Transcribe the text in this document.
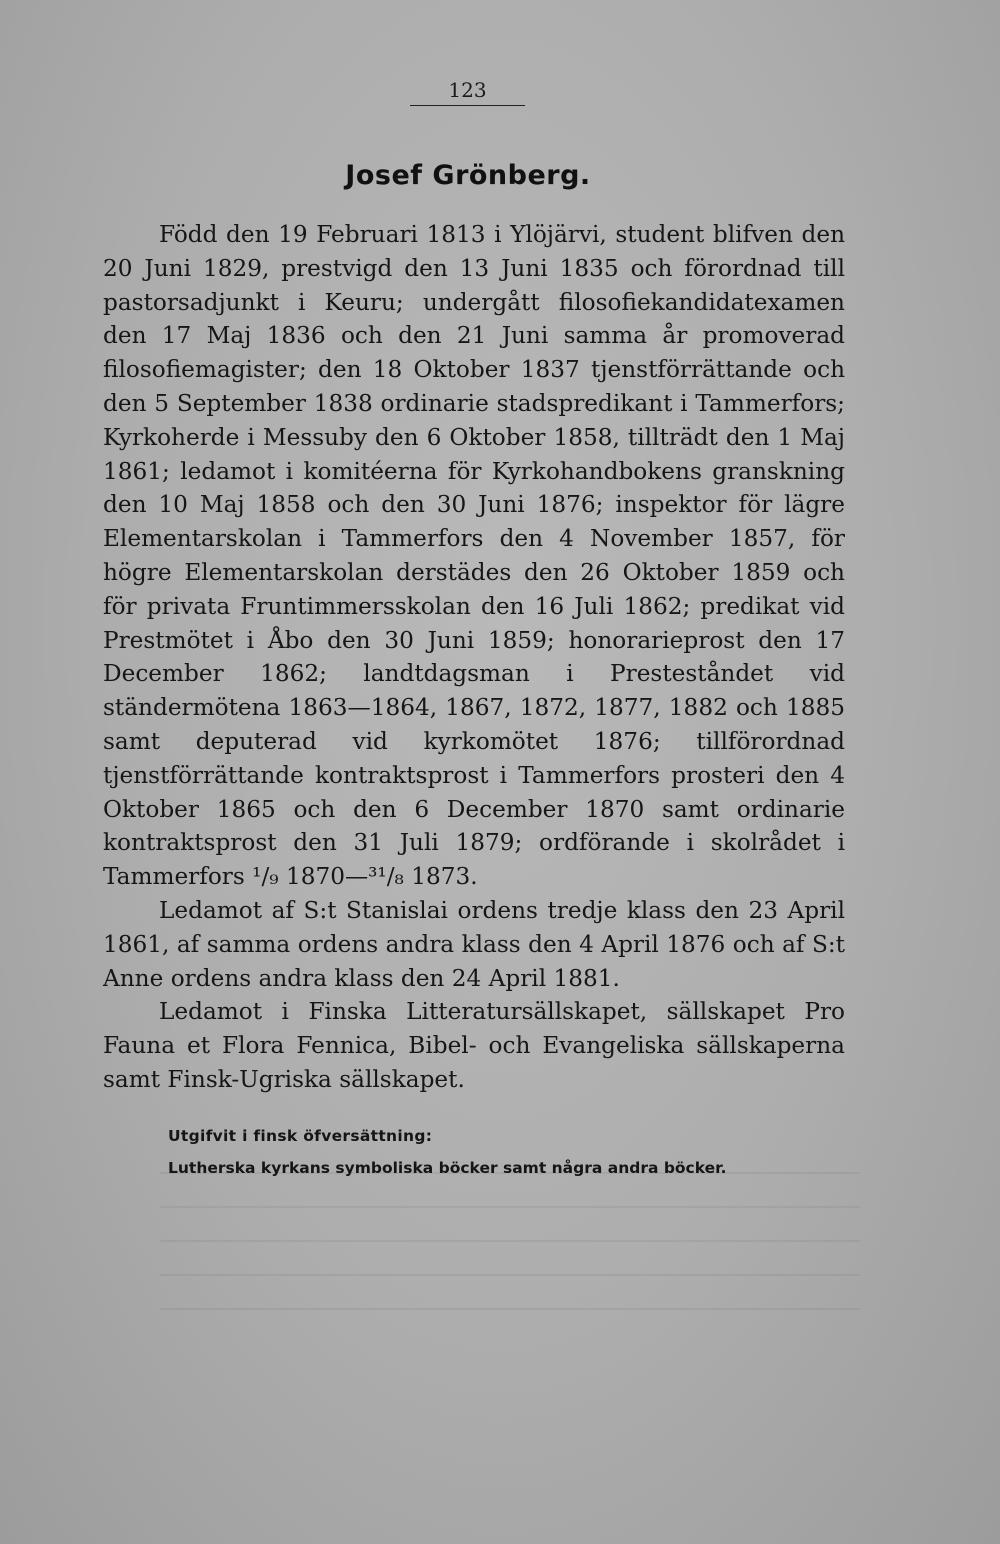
123
Josef Grönberg.

Född den 19 Februari 1813 i Ylöjärvi, student blifven den 20 Juni 1829, prestvigd den 13 Juni 1835 och förordnad till pastorsadjunkt i Keuru; undergått filosofiekandidatexamen den 17 Maj 1836 och den 21 Juni samma år promoverad filosofiemagister; den 18 Oktober 1837 tjenstförrättande och den 5 September 1838 ordinarie stadspredikant i Tammerfors; Kyrkoherde i Messuby den 6 Oktober 1858, tillträdt den 1 Maj 1861; ledamot i komitéerna för Kyrkohandbokens granskning den 10 Maj 1858 och den 30 Juni 1876; inspektor för lägre Elementarskolan i Tammerfors den 4 November 1857, för högre Elementarskolan derstädes den 26 Oktober 1859 och för privata Fruntimmersskolan den 16 Juli 1862; predikat vid Prestmötet i Åbo den 30 Juni 1859; honorarieprost den 17 December 1862; landtdagsman i Presteståndet vid ständermötena 1863—1864, 1867, 1872, 1877, 1882 och 1885 samt deputerad vid kyrkomötet 1876; tillförordnad tjenstförrättande kontraktsprost i Tammerfors prosteri den 4 Oktober 1865 och den 6 December 1870 samt ordinarie kontraktsprost den 31 Juli 1879; ordförande i skolrådet i Tammerfors ¹/₉ 1870—³¹/₈ 1873.

Ledamot af S:t Stanislai ordens tredje klass den 23 April 1861, af samma ordens andra klass den 4 April 1876 och af S:t Anne ordens andra klass den 24 April 1881.

Ledamot i Finska Litteratursällskapet, sällskapet Pro Fauna et Flora Fennica, Bibel- och Evangeliska sällskaperna samt Finsk-Ugriska sällskapet.

Utgifvit i finsk öfversättning:
Lutherska kyrkans symboliska böcker samt några andra böcker.
